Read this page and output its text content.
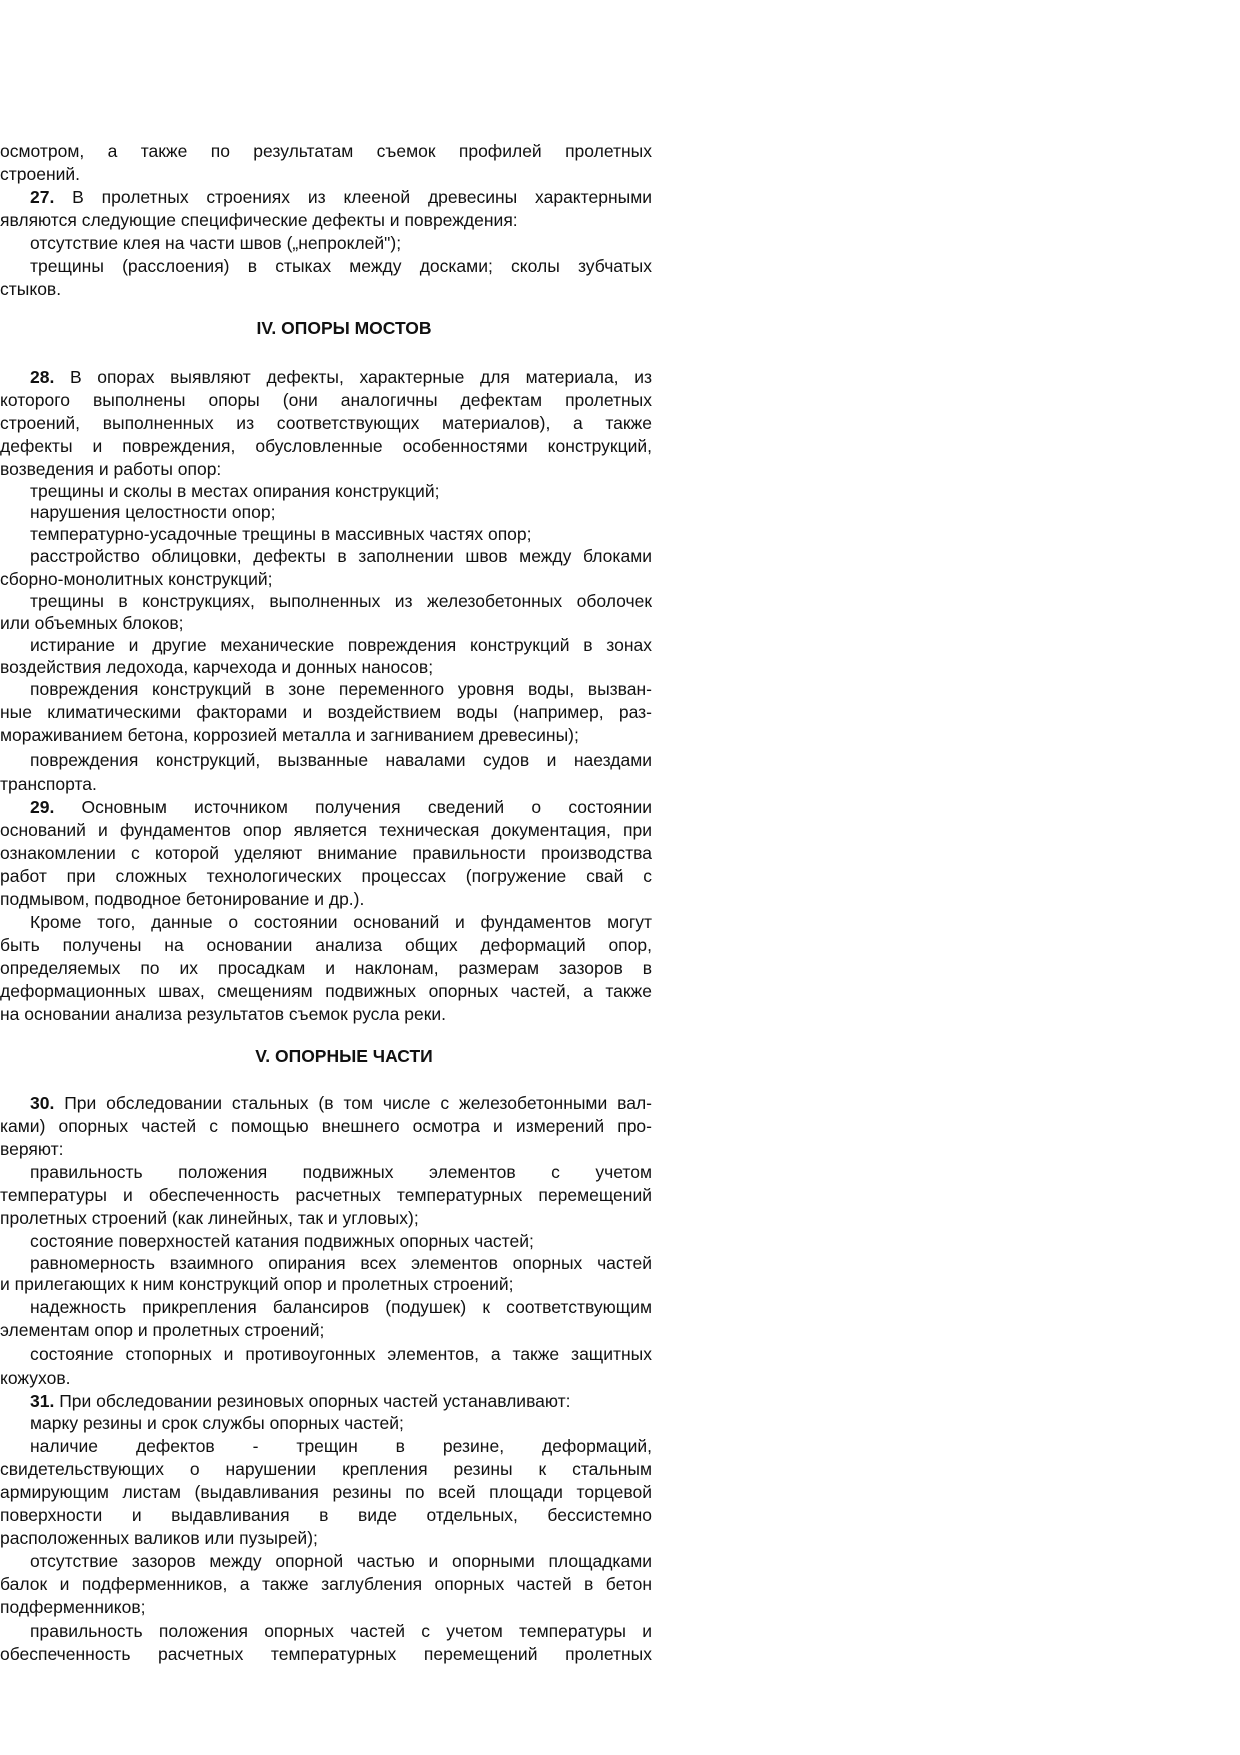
IV. ОПОРЫ МОСТОВ
V. ОПОРНЫЕ ЧАСТИ
осмотром, а также по результатам съемок профилей пролетных
строений.
27. В пролетных строениях из клееной древесины характерными
являются следующие специфические дефекты и повреждения:
отсутствие клея на части швов („непроклей");
трещины (расслоения) в стыках между досками; сколы зубчатых
стыков.
28. В опорах выявляют дефекты, характерные для материала, из
которого выполнены опоры (они аналогичны дефектам пролетных
строений, выполненных из соответствующих материалов), а также
дефекты и повреждения, обусловленные особенностями конструкций,
возведения и работы опор:
трещины и сколы в местах опирания конструкций;
нарушения целостности опор;
температурно-усадочные трещины в массивных частях опор;
расстройство облицовки, дефекты в заполнении швов между блоками
сборно-монолитных конструкций;
трещины в конструкциях, выполненных из железобетонных оболочек
или объемных блоков;
истирание и другие механические повреждения конструкций в зонах
воздействия ледохода, карчехода и донных наносов;
повреждения конструкций в зоне переменного уровня воды, вызван-
ные климатическими факторами и воздействием воды (например, раз-
мораживанием бетона, коррозией металла и загниванием древесины);
повреждения конструкций, вызванные навалами судов и наездами
транспорта.
29. Основным источником получения сведений о состоянии
оснований и фундаментов опор является техническая документация, при
ознакомлении с которой уделяют внимание правильности производства
работ при сложных технологических процессах (погружение свай с
подмывом, подводное бетонирование и др.).
Кроме того, данные о состоянии оснований и фундаментов могут
быть получены на основании анализа общих деформаций опор,
определяемых по их просадкам и наклонам, размерам зазоров в
деформационных швах, смещениям подвижных опорных частей, а также
на основании анализа результатов съемок русла реки.
30. При обследовании стальных (в том числе с железобетонными вал-
ками) опорных частей с помощью внешнего осмотра и измерений про-
веряют:
правильность положения подвижных элементов с учетом
температуры и обеспеченность расчетных температурных перемещений
пролетных строений (как линейных, так и угловых);
состояние поверхностей катания подвижных опорных частей;
равномерность взаимного опирания всех элементов опорных частей
и прилегающих к ним конструкций опор и пролетных строений;
надежность прикрепления балансиров (подушек) к соответствующим
элементам опор и пролетных строений;
состояние стопорных и противоугонных элементов, а также защитных
кожухов.
31. При обследовании резиновых опорных частей устанавливают:
марку резины и срок службы опорных частей;
наличие дефектов - трещин в резине, деформаций,
свидетельствующих о нарушении крепления резины к стальным
армирующим листам (выдавливания резины по всей площади торцевой
поверхности и выдавливания в виде отдельных, бессистемно
расположенных валиков или пузырей);
отсутствие зазоров между опорной частью и опорными площадками
балок и подферменников, а также заглубления опорных частей в бетон
подферменников;
правильность положения опорных частей с учетом температуры и
обеспеченность расчетных температурных перемещений пролетных
